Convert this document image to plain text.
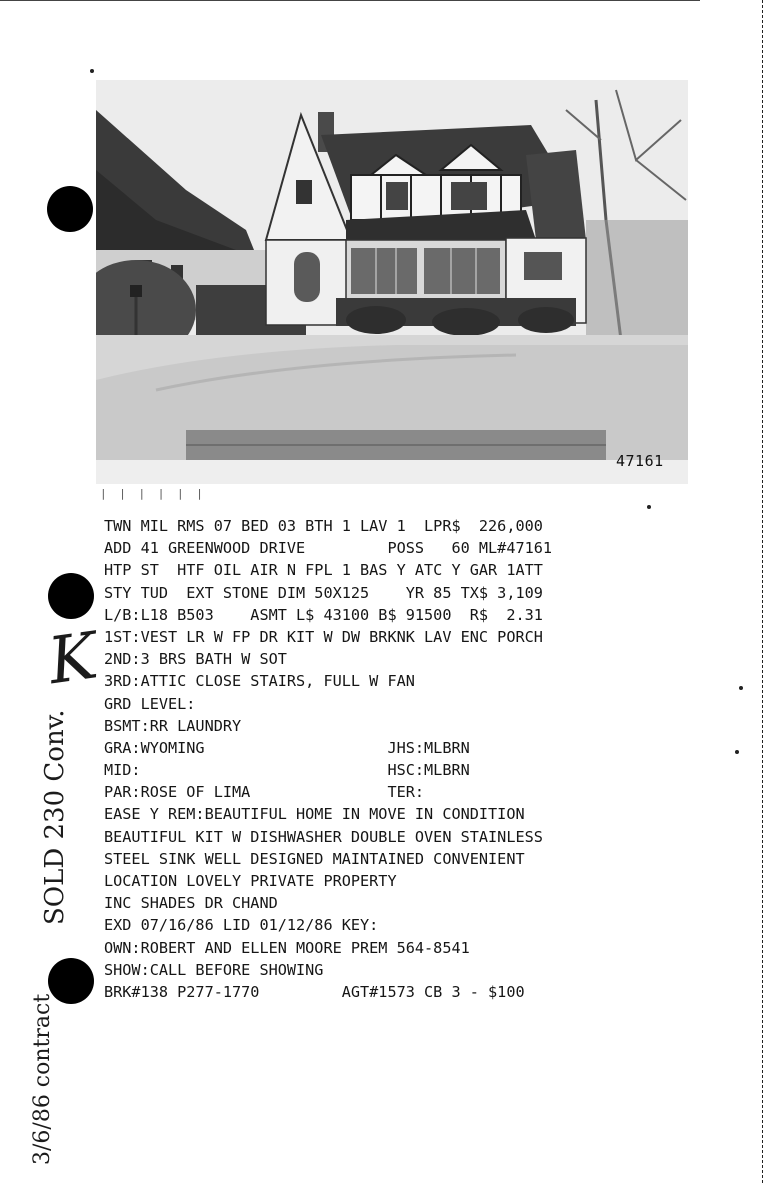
47161
| | | | | |
TWN MIL RMS 07 BED 03 BTH 1 LAV 1  LPR$  226,000
ADD 41 GREENWOOD DRIVE         POSS   60 ML#47161
HTP ST  HTF OIL AIR N FPL 1 BAS Y ATC Y GAR 1ATT
STY TUD  EXT STONE DIM 50X125    YR 85 TX$ 3,109
L/B:L18 B503    ASMT L$ 43100 B$ 91500  R$  2.31
1ST:VEST LR W FP DR KIT W DW BRKNK LAV ENC PORCH
2ND:3 BRS BATH W SOT
3RD:ATTIC CLOSE STAIRS, FULL W FAN
GRD LEVEL:
BSMT:RR LAUNDRY
GRA:WYOMING                    JHS:MLBRN
MID:                           HSC:MLBRN
PAR:ROSE OF LIMA               TER:
EASE Y REM:BEAUTIFUL HOME IN MOVE IN CONDITION
BEAUTIFUL KIT W DISHWASHER DOUBLE OVEN STAINLESS
STEEL SINK WELL DESIGNED MAINTAINED CONVENIENT
LOCATION LOVELY PRIVATE PROPERTY
INC SHADES DR CHAND
EXD 07/16/86 LID 01/12/86 KEY:
OWN:ROBERT AND ELLEN MOORE PREM 564-8541
SHOW:CALL BEFORE SHOWING
BRK#138 P277-1770         AGT#1573 CB 3 - $100
K
SOLD 230 Conv.
3/6/86 contract
